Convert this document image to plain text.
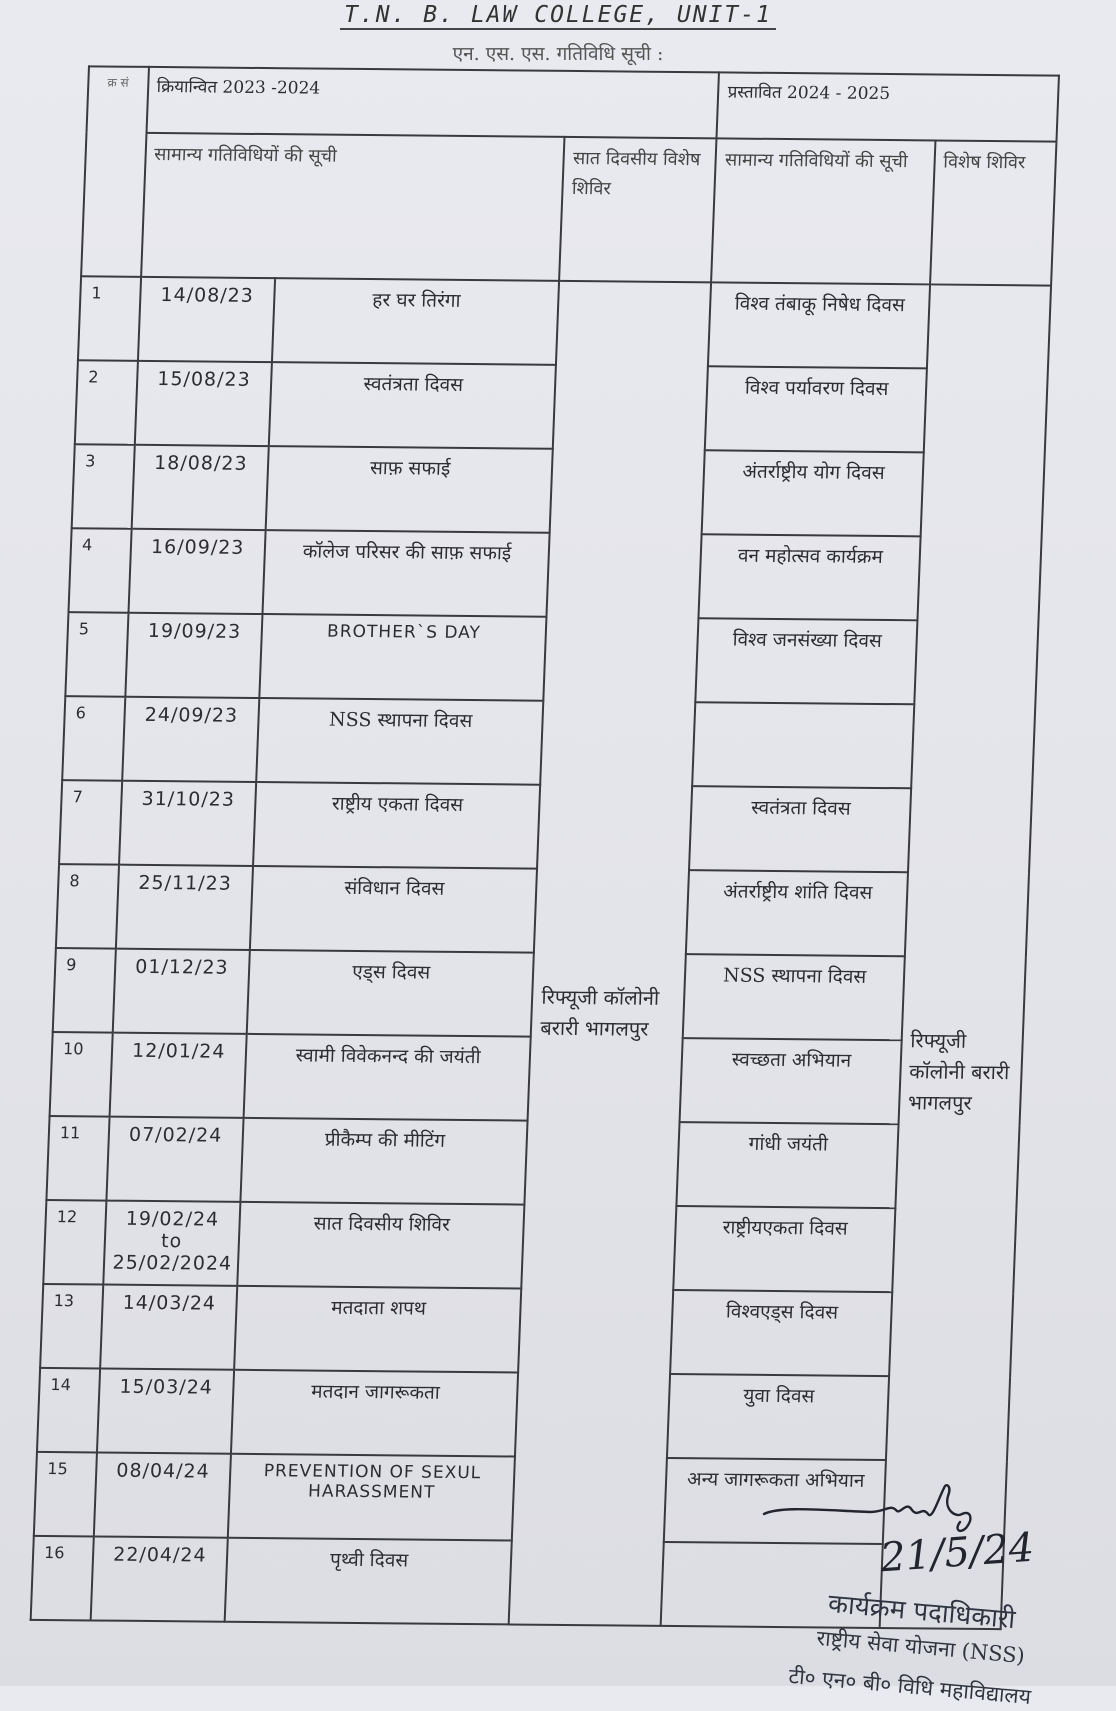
T.N. B. LAW COLLEGE, UNIT-1
एन. एस. एस. गतिविधि सूची :
क्र सं	क्रियान्वित 2023 -2024			प्रस्तावित 2024 - 2025	
	सामान्य गतिविधियों की सूची		सात दिवसीय विशेष शिविर	सामान्य गतिविधियों की सूची	विशेष शिविर
1	14/08/23	हर घर तिरंगा	रिफ्यूजी कॉलोनी बरारी भागलपुर	विश्व तंबाकू निषेध दिवस	रिफ्यूजी कॉलोनी बरारी भागलपुर
2	15/08/23	स्वतंत्रता दिवस		विश्व पर्यावरण दिवस	
3	18/08/23	साफ़ सफाई		अंतर्राष्ट्रीय योग दिवस	
4	16/09/23	कॉलेज परिसर की साफ़ सफाई		वन महोत्सव कार्यक्रम	
5	19/09/23	BROTHER`S DAY		विश्व जनसंख्या दिवस	
6	24/09/23	NSS स्थापना दिवस			
7	31/10/23	राष्ट्रीय एकता दिवस		स्वतंत्रता दिवस	
8	25/11/23	संविधान दिवस		अंतर्राष्ट्रीय शांति दिवस	
9	01/12/23	एड्स दिवस		NSS स्थापना दिवस	
10	12/01/24	स्वामी विवेकनन्द की जयंती		स्वच्छता अभियान	
11	07/02/24	प्रीकैम्प की मीटिंग		गांधी जयंती	
12	19/02/24 to 25/02/2024	सात दिवसीय शिविर		राष्ट्रीयएकता दिवस	
13	14/03/24	मतदाता शपथ		विश्वएड्स दिवस	
14	15/03/24	मतदान जागरूकता		युवा दिवस	
15	08/04/24	PREVENTION OF SEXUL HARASSMENT		अन्य जागरूकता अभियान	
16	22/04/24	पृथ्वी दिवस				21/5/24
कार्यक्रम पदाधिकारी
राष्ट्रीय सेवा योजना (NSS)
टी० एन० बी० विधि महाविद्यालय
